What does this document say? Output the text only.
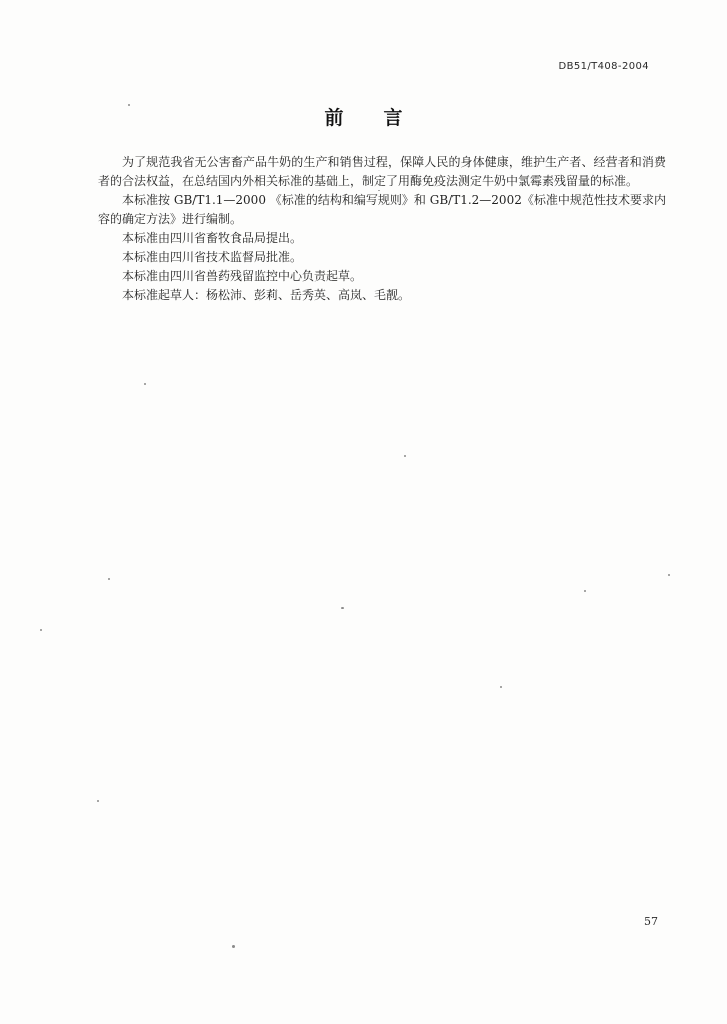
DB51/T408-2004
前 言

为了规范我省无公害畜产品牛奶的生产和销售过程，保障人民的身体健康，维护生产者、经营者和消费者的合法权益，在总结国内外相关标准的基础上，制定了用酶免疫法测定牛奶中氯霉素残留量的标准。

本标准按 GB/T1.1—2000 《标准的结构和编写规则》和 GB/T1.2—2002《标准中规范性技术要求内容的确定方法》进行编制。

本标准由四川省畜牧食品局提出。

本标准由四川省技术监督局批准。

本标准由四川省兽药残留监控中心负责起草。

本标准起草人：杨松沛、彭莉、岳秀英、高岚、毛靓。

57
